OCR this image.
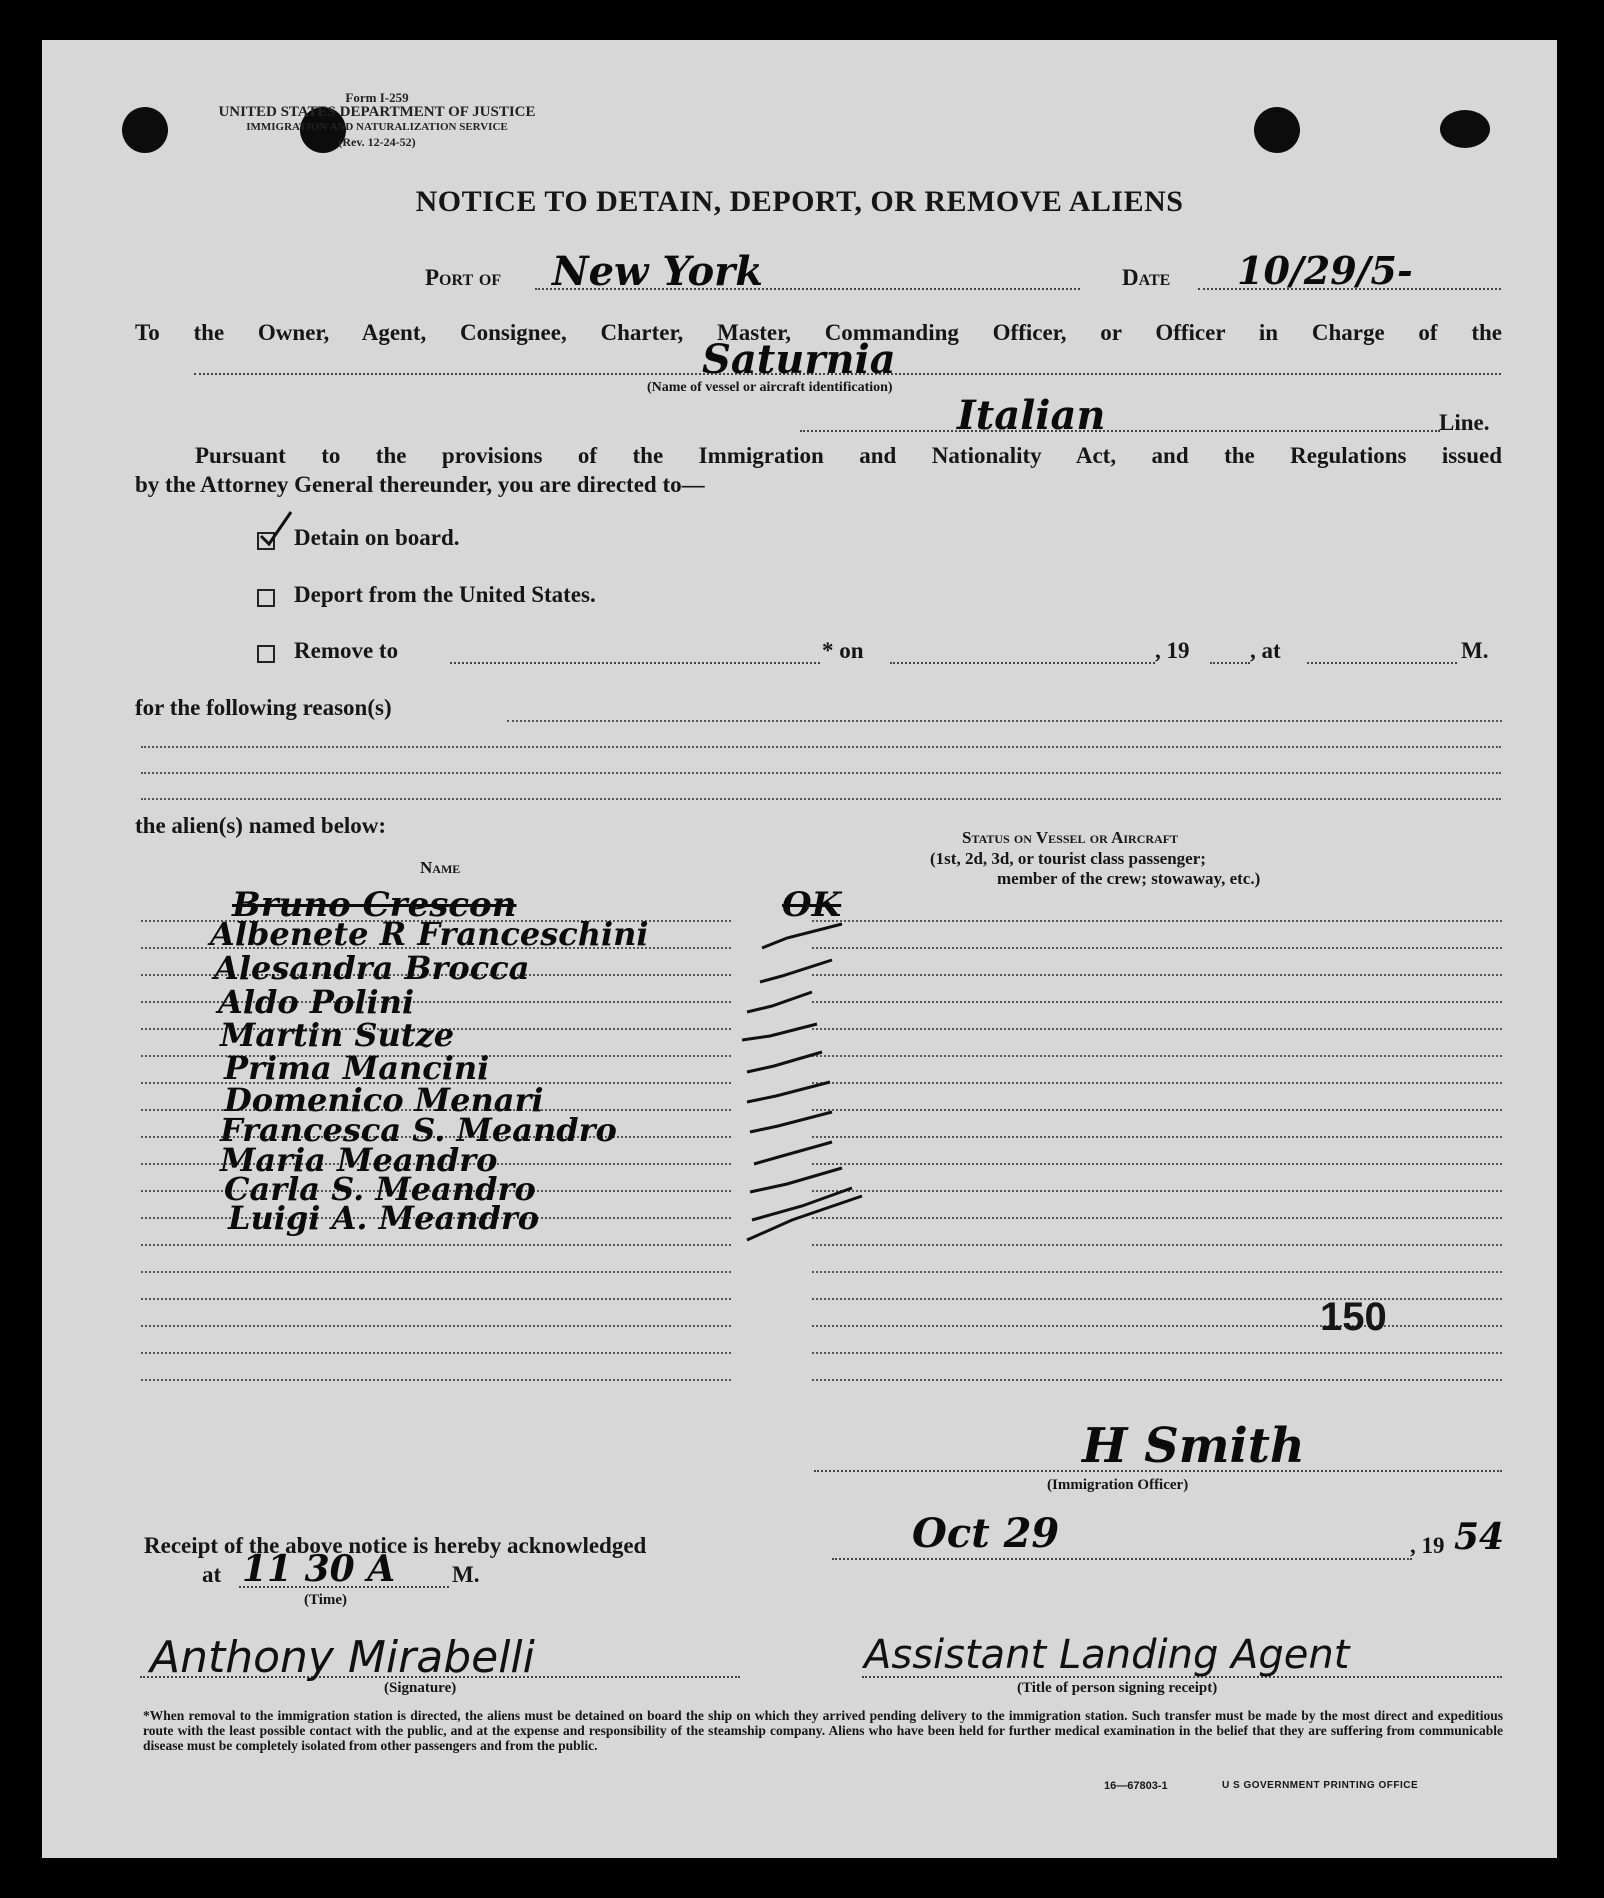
Form I-259
UNITED STATES DEPARTMENT OF JUSTICE
IMMIGRATION AND NATURALIZATION SERVICE
(Rev. 12-24-52)
NOTICE TO DETAIN, DEPORT, OR REMOVE ALIENS
Port of New York	Date 10/29/5-
To the Owner, Agent, Consignee, Charter, Master, Commanding Officer, or Officer in Charge of the
Saturnia
(Name of vessel or aircraft identification)
Italian	Line.
Pursuant to the provisions of the Immigration and Nationality Act, and the Regulations issued
by the Attorney General thereunder, you are directed to—
Detain on board.
Deport from the United States.
Remove to	* on	, 19	, at	M.
for the following reason(s)
the alien(s) named below:
Name
Status on Vessel or Aircraft
(1st, 2d, 3d, or tourist class passenger;
member of the crew; stowaway, etc.)
Bruno Crescon	OK
Albenete R Franceschini
Alesandra Brocca
Aldo Polini
Martin Sutze
Prima Mancini
Domenico Menari
Francesca S. Meandro
Maria Meandro
Carla S. Meandro
Luigi A. Meandro
150
H Smith
(Immigration Officer)
Receipt of the above notice is hereby acknowledged	Oct 29	, 19 54
at 11 30 A M.
(Time)
Anthony Mirabelli
(Signature)
Assistant Landing Agent
(Title of person signing receipt)
*When removal to the immigration station is directed, the aliens must be detained on board the ship on which they arrived pending delivery to the immigration station. Such transfer must be made by the most direct and expeditious route with the least possible contact with the public, and at the expense and responsibility of the steamship company. Aliens who have been held for further medical examination in the belief that they are suffering from communicable disease must be completely isolated from other passengers and from the public.
16—67803-1	U S GOVERNMENT PRINTING OFFICE
